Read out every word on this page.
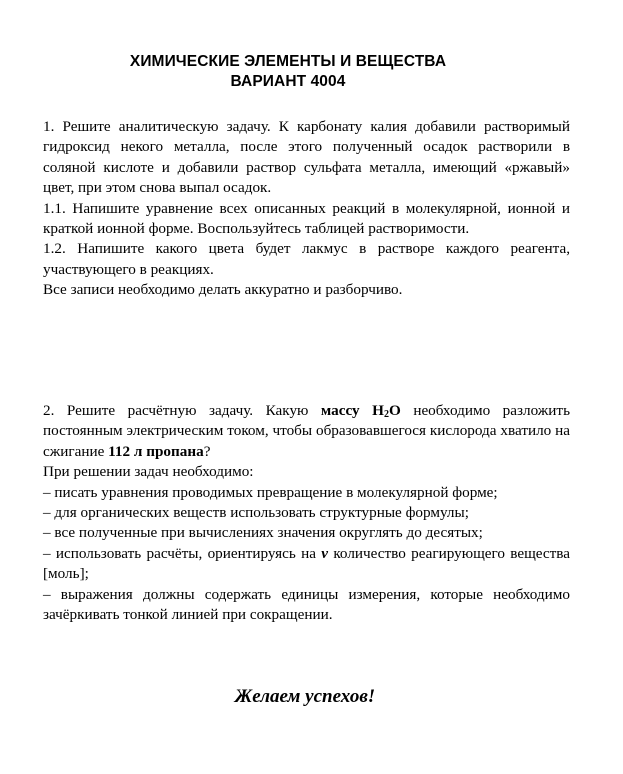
ХИМИЧЕСКИЕ ЭЛЕМЕНТЫ И ВЕЩЕСТВА
ВАРИАНТ 4004
1. Решите аналитическую задачу. К карбонату калия добавили растворимый гидроксид некого металла, после этого полученный осадок растворили в соляной кислоте и добавили раствор сульфата металла, имеющий «ржавый» цвет, при этом снова выпал осадок.
1.1. Напишите уравнение всех описанных реакций в молекулярной, ионной и краткой ионной форме. Воспользуйтесь таблицей растворимости.
1.2. Напишите какого цвета будет лакмус в растворе каждого реагента, участвующего в реакциях.
Все записи необходимо делать аккуратно и разборчиво.
2. Решите расчётную задачу. Какую массу $H_2O$ необходимо разложить постоянным электрическим током, чтобы образовавшегося кислорода хватило на сжигание 112 л пропана?
При решении задач необходимо:
– писать уравнения проводимых превращение в молекулярной форме;
– для органических веществ использовать структурные формулы;
– все полученные при вычислениях значения округлять до десятых;
– использовать расчёты, ориентируясь на ν количество реагирующего вещества [моль];
– выражения должны содержать единицы измерения, которые необходимо зачёркивать тонкой линией при сокращении.
Желаем успехов!
